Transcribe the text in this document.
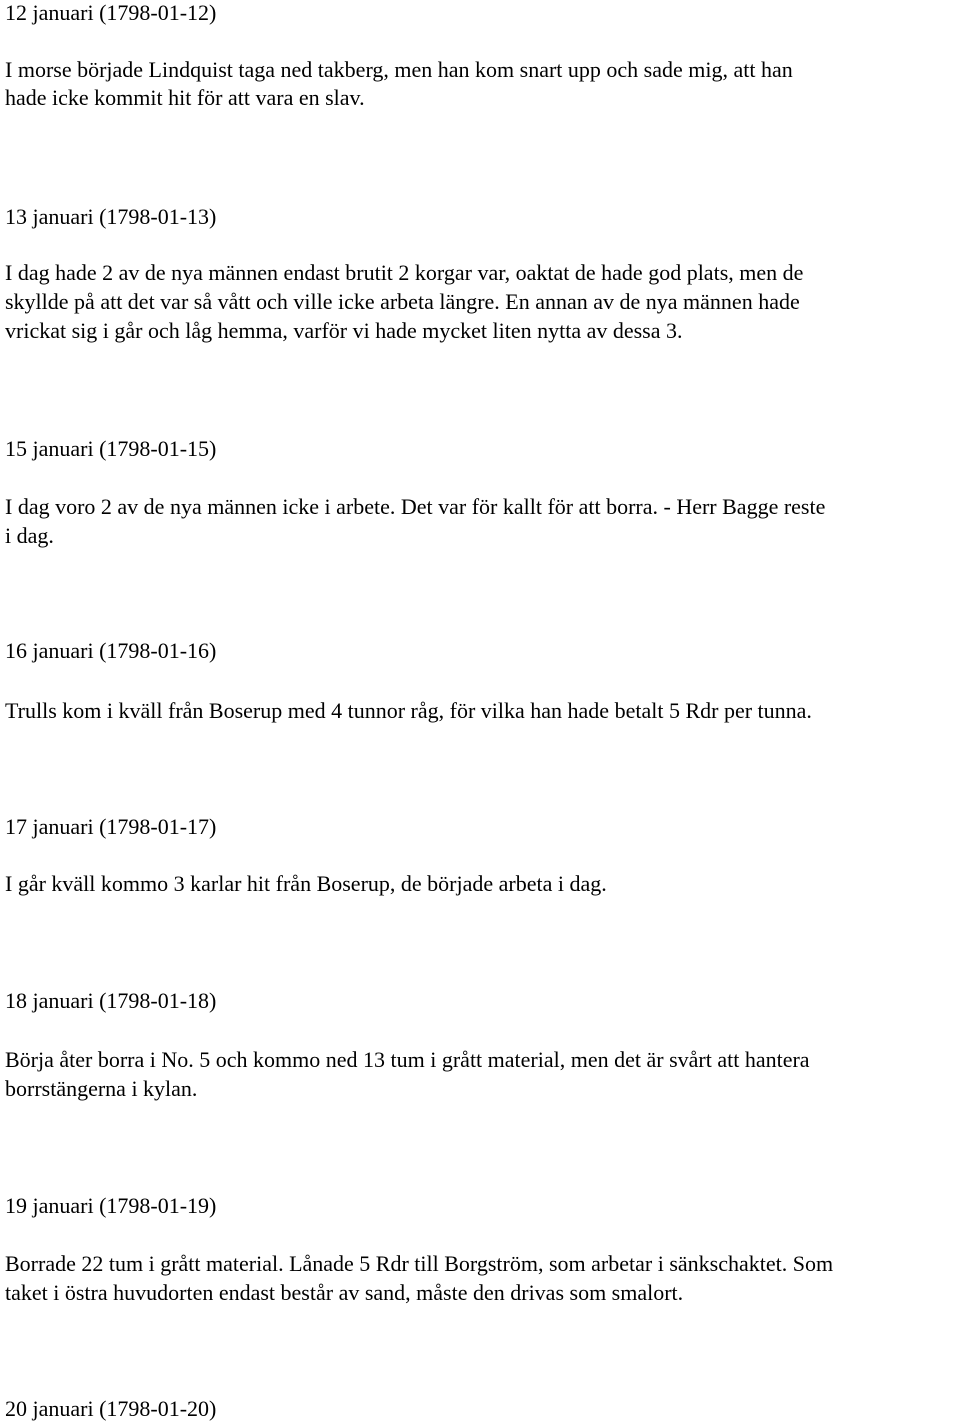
12 januari (1798-01-12)
I morse började Lindquist taga ned takberg, men han kom snart upp och sade mig, att han
hade icke kommit hit för att vara en slav.
13 januari (1798-01-13)
I dag hade 2 av de nya männen endast brutit 2 korgar var, oaktat de hade god plats, men de
skyllde på att det var så vått och ville icke arbeta längre. En annan av de nya männen hade
vrickat sig i går och låg hemma, varför vi hade mycket liten nytta av dessa 3.
15 januari (1798-01-15)
I dag voro 2 av de nya männen icke i arbete. Det var för kallt för att borra. - Herr Bagge reste
i dag.
16 januari (1798-01-16)
Trulls kom i kväll från Boserup med 4 tunnor råg, för vilka han hade betalt 5 Rdr per tunna.
17 januari (1798-01-17)
I går kväll kommo 3 karlar hit från Boserup, de började arbeta i dag.
18 januari (1798-01-18)
Börja åter borra i No. 5 och kommo ned 13 tum i grått material, men det är svårt att hantera
borrstängerna i kylan.
19 januari (1798-01-19)
Borrade 22 tum i grått material. Lånade 5 Rdr till Borgström, som arbetar i sänkschaktet. Som
taket i östra huvudorten endast består av sand, måste den drivas som smalort.
20 januari (1798-01-20)
